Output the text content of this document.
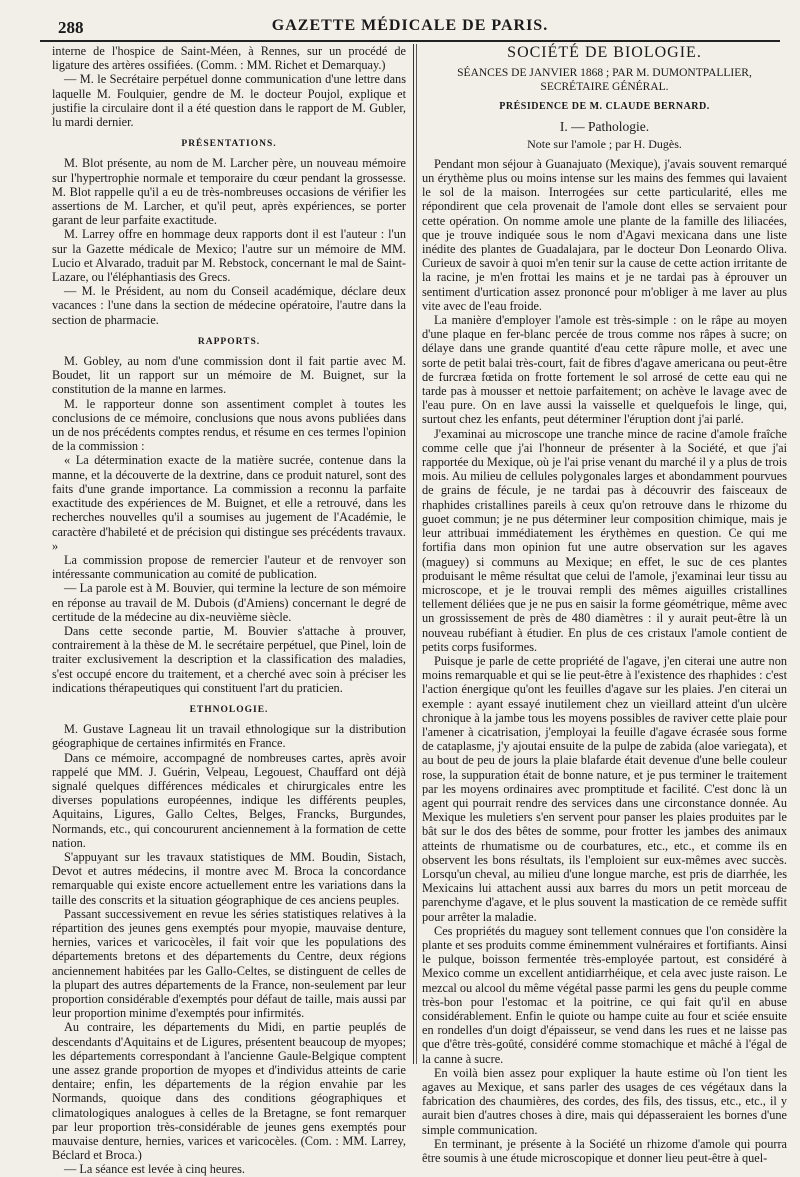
288	GAZETTE MÉDICALE DE PARIS.

interne de l'hospice de Saint-Méen, à Rennes, sur un procédé de ligature des artères ossifiées. (Comm. : MM. Richet et Demarquay.)

— M. le Secrétaire perpétuel donne communication d'une lettre dans laquelle M. Foulquier, gendre de M. le docteur Poujol, explique et justifie la circulaire dont il a été question dans le rapport de M. Gubler, lu mardi dernier.

PRÉSENTATIONS.

M. Blot présente, au nom de M. Larcher père, un nouveau mémoire sur l'hypertrophie normale et temporaire du cœur pendant la grossesse. M. Blot rappelle qu'il a eu de très-nombreuses occasions de vérifier les assertions de M. Larcher, et qu'il peut, après expériences, se porter garant de leur parfaite exactitude.

M. Larrey offre en hommage deux rapports dont il est l'auteur : l'un sur la Gazette médicale de Mexico; l'autre sur un mémoire de MM. Lucio et Alvarado, traduit par M. Rebstock, concernant le mal de Saint-Lazare, ou l'éléphantiasis des Grecs.

— M. le Président, au nom du Conseil académique, déclare deux vacances : l'une dans la section de médecine opératoire, l'autre dans la section de pharmacie.

RAPPORTS.

M. Gobley, au nom d'une commission dont il fait partie avec M. Boudet, lit un rapport sur un mémoire de M. Buignet, sur la constitution de la manne en larmes.

M. le rapporteur donne son assentiment complet à toutes les conclusions de ce mémoire, conclusions que nous avons publiées dans un de nos précédents comptes rendus, et résume en ces termes l'opinion de la commission :

« La détermination exacte de la matière sucrée, contenue dans la manne, et la découverte de la dextrine, dans ce produit naturel, sont des faits d'une grande importance. La commission a reconnu la parfaite exactitude des expériences de M. Buignet, et elle a retrouvé, dans les recherches nouvelles qu'il a soumises au jugement de l'Académie, le caractère d'habileté et de précision qui distingue ses précédents travaux. »

La commission propose de remercier l'auteur et de renvoyer son intéressante communication au comité de publication.

— La parole est à M. Bouvier, qui termine la lecture de son mémoire en réponse au travail de M. Dubois (d'Amiens) concernant le degré de certitude de la médecine au dix-neuvième siècle.

Dans cette seconde partie, M. Bouvier s'attache à prouver, contrairement à la thèse de M. le secrétaire perpétuel, que Pinel, loin de traiter exclusivement la description et la classification des maladies, s'est occupé encore du traitement, et a cherché avec soin à préciser les indications thérapeutiques qui constituent l'art du praticien.

ETHNOLOGIE.

M. Gustave Lagneau lit un travail ethnologique sur la distribution géographique de certaines infirmités en France.

Dans ce mémoire, accompagné de nombreuses cartes, après avoir rappelé que MM. J. Guérin, Velpeau, Legouest, Chauffard ont déjà signalé quelques différences médicales et chirurgicales entre les diverses populations européennes, indique les différents peuples, Aquitains, Ligures, Gallo Celtes, Belges, Francks, Burgundes, Normands, etc., qui concoururent anciennement à la formation de cette nation.

S'appuyant sur les travaux statistiques de MM. Boudin, Sistach, Devot et autres médecins, il montre avec M. Broca la concordance remarquable qui existe encore actuellement entre les variations dans la taille des conscrits et la situation géographique de ces anciens peuples.

Passant successivement en revue les séries statistiques relatives à la répartition des jeunes gens exemptés pour myopie, mauvaise denture, hernies, varices et varicocèles, il fait voir que les populations des départements bretons et des départements du Centre, deux régions anciennement habitées par les Gallo-Celtes, se distinguent de celles de la plupart des autres départements de la France, non-seulement par leur proportion considérable d'exemptés pour défaut de taille, mais aussi par leur proportion minime d'exemptés pour infirmités.

Au contraire, les départements du Midi, en partie peuplés de descendants d'Aquitains et de Ligures, présentent beaucoup de myopes; les départements correspondant à l'ancienne Gaule-Belgique comptent une assez grande proportion de myopes et d'individus atteints de carie dentaire; enfin, les départements de la région envahie par les Normands, quoique dans des conditions géographiques et climatologiques analogues à celles de la Bretagne, se font remarquer par leur proportion très-considérable de jeunes gens exemptés pour mauvaise denture, hernies, varices et varicocèles. (Com. : MM. Larrey, Béclard et Broca.)

— La séance est levée à cinq heures.

SOCIÉTÉ DE BIOLOGIE.
SÉANCES DE JANVIER 1868 ; PAR M. DUMONTPALLIER, SECRÉTAIRE GÉNÉRAL.
PRÉSIDENCE DE M. CLAUDE BERNARD.
I. — Pathologie.
Note sur l'amole ; par H. Dugès.

Pendant mon séjour à Guanajuato (Mexique), j'avais souvent remarqué un érythème plus ou moins intense sur les mains des femmes qui lavaient le sol de la maison. Interrogées sur cette particularité, elles me répondirent que cela provenait de l'amole dont elles se servaient pour cette opération. On nomme amole une plante de la famille des liliacées, que je trouve indiquée sous le nom d'Agavi mexicana dans une liste inédite des plantes de Guadalajara, par le docteur Don Leonardo Oliva. Curieux de savoir à quoi m'en tenir sur la cause de cette action irritante de la racine, je m'en frottai les mains et je ne tardai pas à éprouver un sentiment d'urtication assez prononcé pour m'obliger à me laver au plus vite avec de l'eau froide.

La manière d'employer l'amole est très-simple : on le râpe au moyen d'une plaque en fer-blanc percée de trous comme nos râpes à sucre; on délaye dans une grande quantité d'eau cette râpure molle, et avec une sorte de petit balai très-court, fait de fibres d'agave americana ou peut-être de furcræa fœtida on frotte fortement le sol arrosé de cette eau qui ne tarde pas à mousser et nettoie parfaitement; on achève le lavage avec de l'eau pure. On en lave aussi la vaisselle et quelquefois le linge, qui, surtout chez les enfants, peut déterminer l'éruption dont j'ai parlé.

J'examinai au microscope une tranche mince de racine d'amole fraîche comme celle que j'ai l'honneur de présenter à la Société, et que j'ai rapportée du Mexique, où je l'ai prise venant du marché il y a plus de trois mois. Au milieu de cellules polygonales larges et abondamment pourvues de grains de fécule, je ne tardai pas à découvrir des faisceaux de rhaphides cristallines pareils à ceux qu'on retrouve dans le rhizome du guoet commun; je ne pus déterminer leur composition chimique, mais je leur attribuai immédiatement les érythèmes en question. Ce qui me fortifia dans mon opinion fut une autre observation sur les agaves (maguey) si communs au Mexique; en effet, le suc de ces plantes produisant le même résultat que celui de l'amole, j'examinai leur tissu au microscope, et je le trouvai rempli des mêmes aiguilles cristallines tellement déliées que je ne pus en saisir la forme géométrique, même avec un grossissement de près de 480 diamètres : il y aurait peut-être là un nouveau rubéfiant à étudier. En plus de ces cristaux l'amole contient de petits corps fusiformes.

Puisque je parle de cette propriété de l'agave, j'en citerai une autre non moins remarquable et qui se lie peut-être à l'existence des rhaphides : c'est l'action énergique qu'ont les feuilles d'agave sur les plaies. J'en citerai un exemple : ayant essayé inutilement chez un vieillard atteint d'un ulcère chronique à la jambe tous les moyens possibles de raviver cette plaie pour l'amener à cicatrisation, j'employai la feuille d'agave écrasée sous forme de cataplasme, j'y ajoutai ensuite de la pulpe de zabida (aloe variegata), et au bout de peu de jours la plaie blafarde était devenue d'une belle couleur rose, la suppuration était de bonne nature, et je pus terminer le traitement par les moyens ordinaires avec promptitude et facilité. C'est donc là un agent qui pourrait rendre des services dans une circonstance donnée. Au Mexique les muletiers s'en servent pour panser les plaies produites par le bât sur le dos des bêtes de somme, pour frotter les jambes des animaux atteints de rhumatisme ou de courbatures, etc., etc., et comme ils en observent les bons résultats, ils l'emploient sur eux-mêmes avec succès. Lorsqu'un cheval, au milieu d'une longue marche, est pris de diarrhée, les Mexicains lui attachent aussi aux barres du mors un petit morceau de parenchyme d'agave, et le plus souvent la mastication de ce remède suffit pour arrêter la maladie.

Ces propriétés du maguey sont tellement connues que l'on considère la plante et ses produits comme éminemment vulnéraires et fortifiants. Ainsi le pulque, boisson fermentée très-employée partout, est considéré à Mexico comme un excellent antidiarrhéique, et cela avec juste raison. Le mezcal ou alcool du même végétal passe parmi les gens du peuple comme très-bon pour l'estomac et la poitrine, ce qui fait qu'il en abuse considérablement. Enfin le quiote ou hampe cuite au four et sciée ensuite en rondelles d'un doigt d'épaisseur, se vend dans les rues et ne laisse pas que d'être très-goûté, considéré comme stomachique et mâché à l'égal de la canne à sucre.

En voilà bien assez pour expliquer la haute estime où l'on tient les agaves au Mexique, et sans parler des usages de ces végétaux dans la fabrication des chaumières, des cordes, des fils, des tissus, etc., etc., il y aurait bien d'autres choses à dire, mais qui dépasseraient les bornes d'une simple communication.

En terminant, je présente à la Société un rhizome d'amole qui pourra être soumis à une étude microscopique et donner lieu peut-être à quel-
